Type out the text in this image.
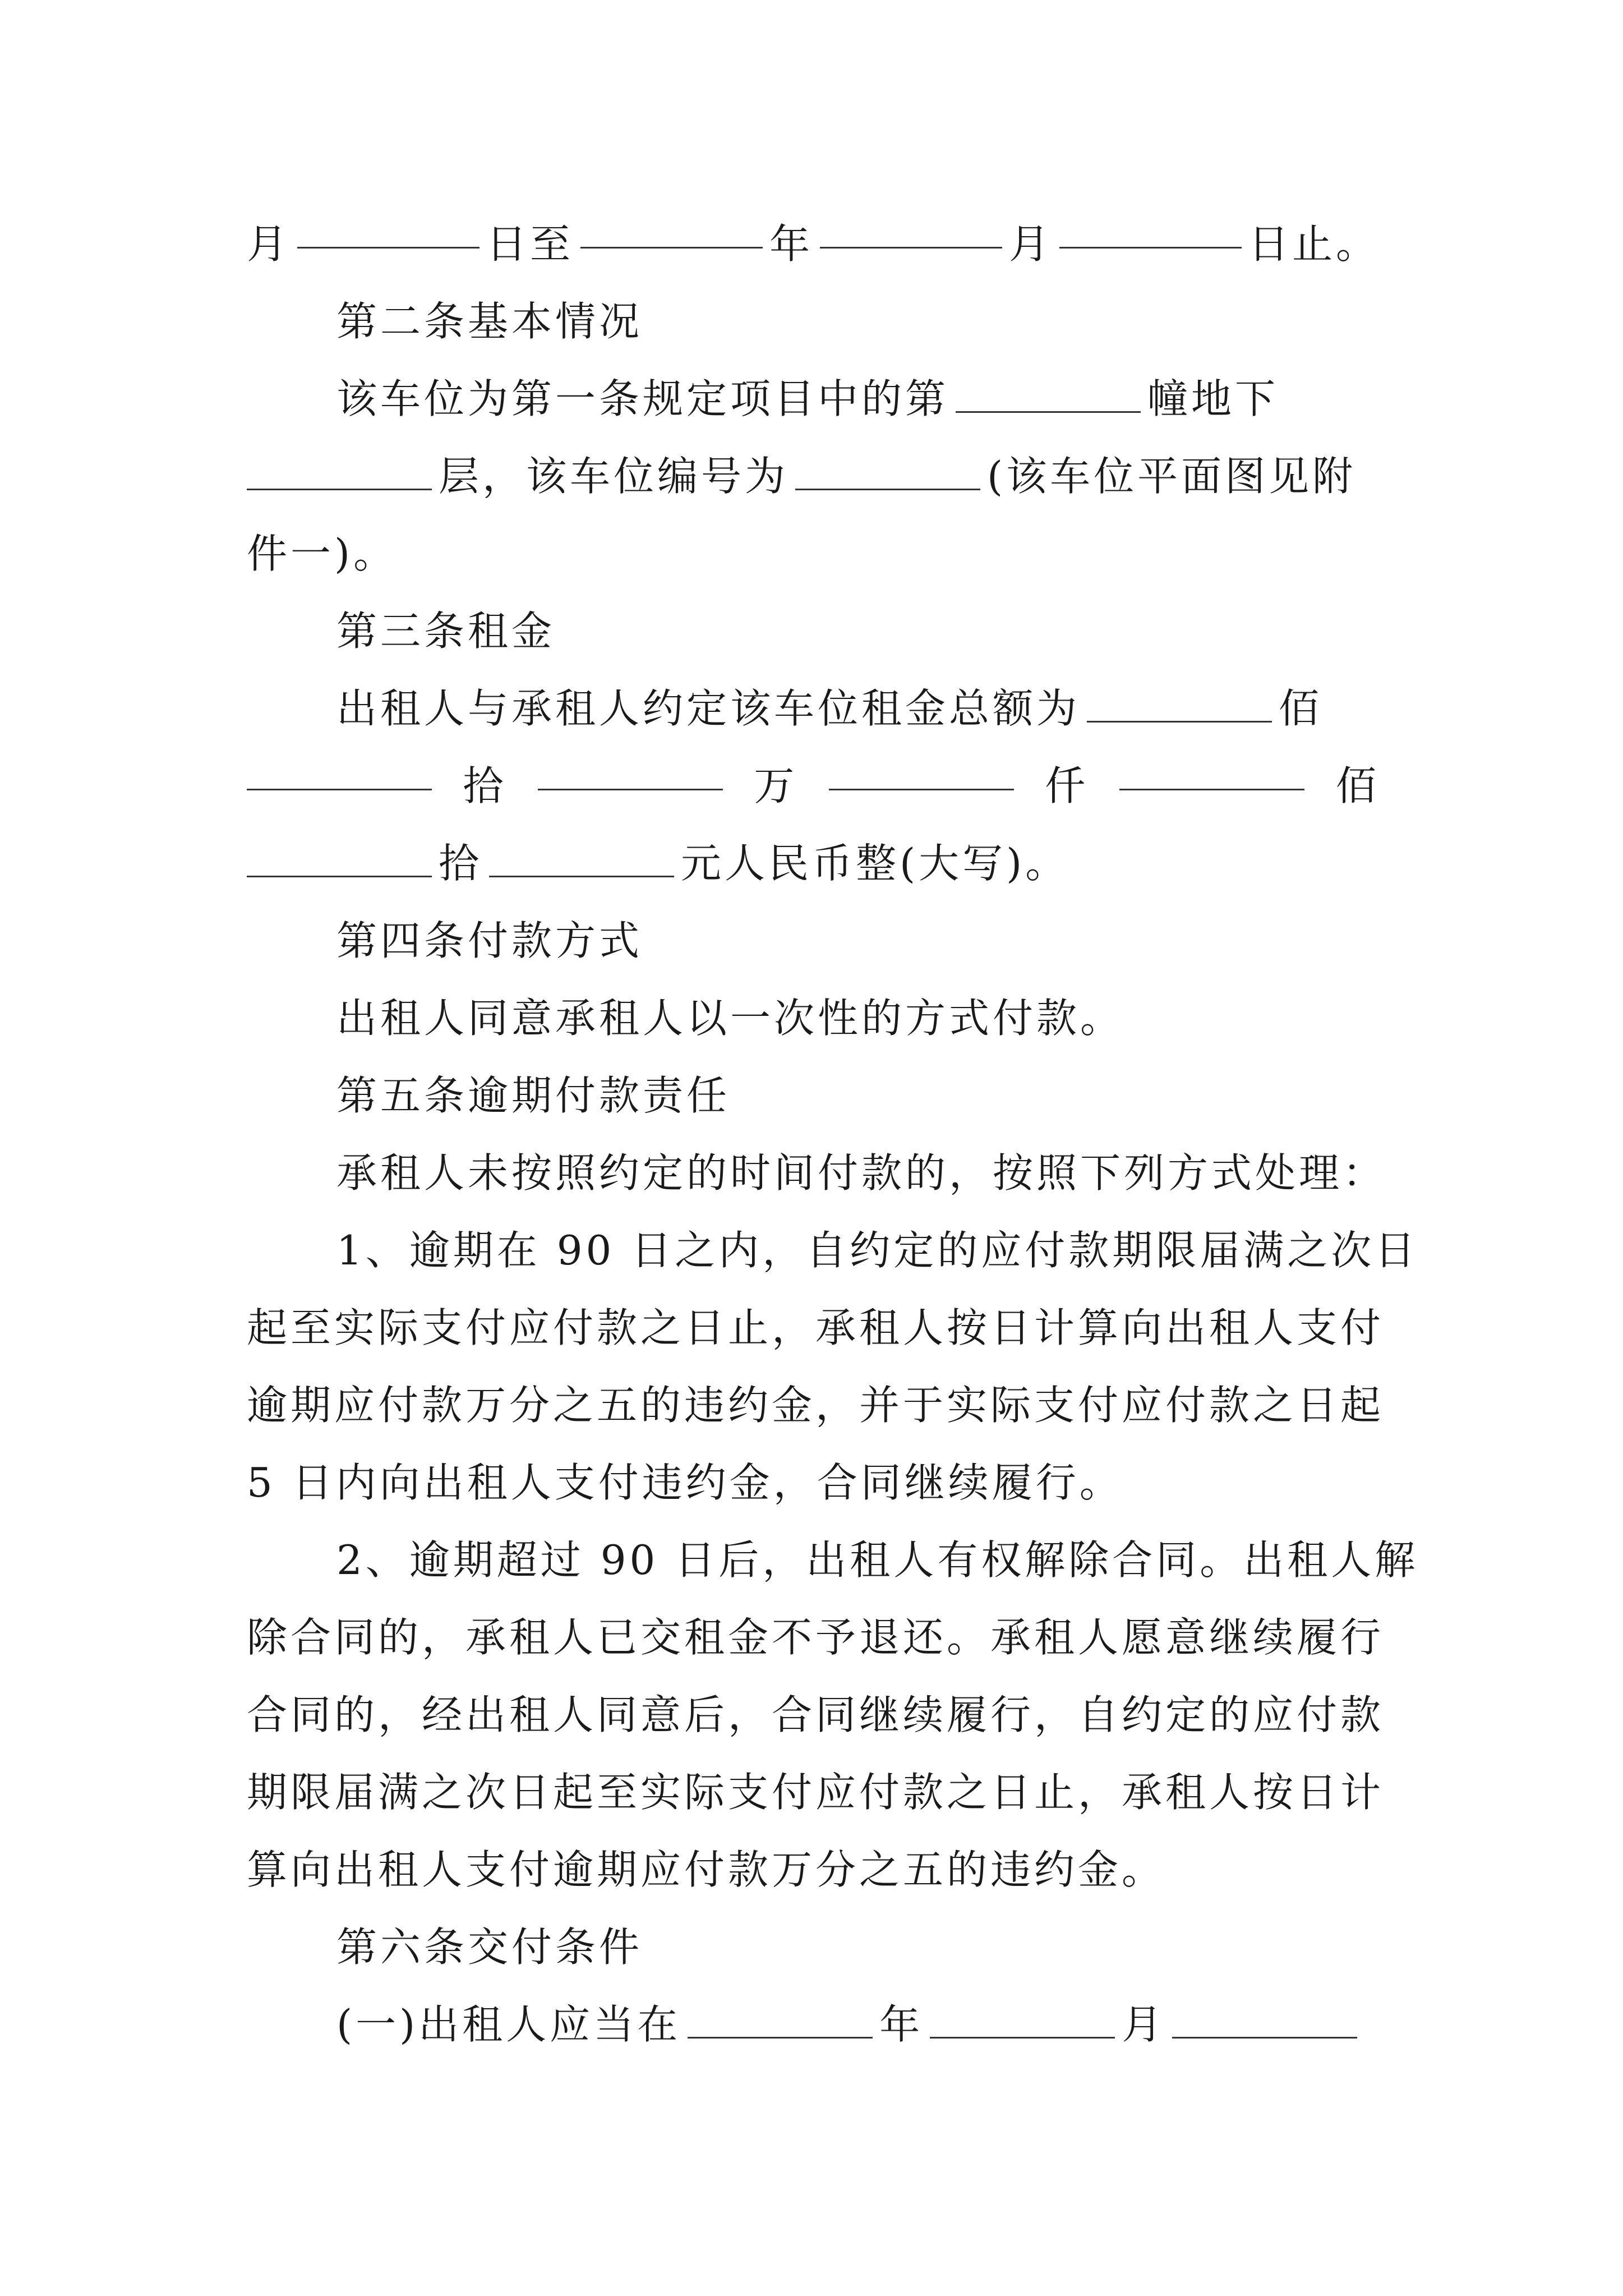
月	日至	年	月	日止。
第二条基本情况
该车位为第一条规定项目中的第	幢地下
层，该车位编号为	(该车位平面图见附
件一)。
第三条租金
出租人与承租人约定该车位租金总额为	佰
拾	万	仟	佰
拾	元人民币整(大写)。
第四条付款方式
出租人同意承租人以一次性的方式付款。
第五条逾期付款责任
承租人未按照约定的时间付款的，按照下列方式处理：
1、逾期在 90 日之内，自约定的应付款期限届满之次日
起至实际支付应付款之日止，承租人按日计算向出租人支付
逾期应付款万分之五的违约金，并于实际支付应付款之日起
5 日内向出租人支付违约金，合同继续履行。
2、逾期超过 90 日后，出租人有权解除合同。出租人解
除合同的，承租人已交租金不予退还。承租人愿意继续履行
合同的，经出租人同意后，合同继续履行，自约定的应付款
期限届满之次日起至实际支付应付款之日止，承租人按日计
算向出租人支付逾期应付款万分之五的违约金。
第六条交付条件
(一)出租人应当在	年	月
